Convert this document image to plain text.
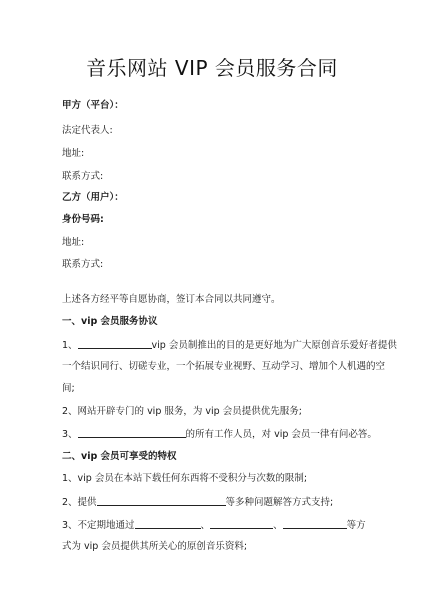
音乐网站 VIP 会员服务合同
甲方（平台）：
法定代表人:
地址:
联系方式:
乙方（用户）：
身份号码:
地址:
联系方式:
上述各方经平等自愿协商，签订本合同以共同遵守。
一、vip 会员服务协议
1、	vip 会员制推出的目的是更好地为广大原创音乐爱好者提供
一个结识同行、切磋专业，一个拓展专业视野、互动学习、增加个人机遇的空
间;
2、网站开辟专门的 vip 服务，为 vip 会员提供优先服务;
3、	的所有工作人员，对 vip 会员一律有问必答。
二、vip 会员可享受的特权
1、vip 会员在本站下载任何东西将不受积分与次数的限制;
2、提供	等多种问题解答方式支持;
3、不定期地通过	、	、	等方
式为 vip 会员提供其所关心的原创音乐资料;
